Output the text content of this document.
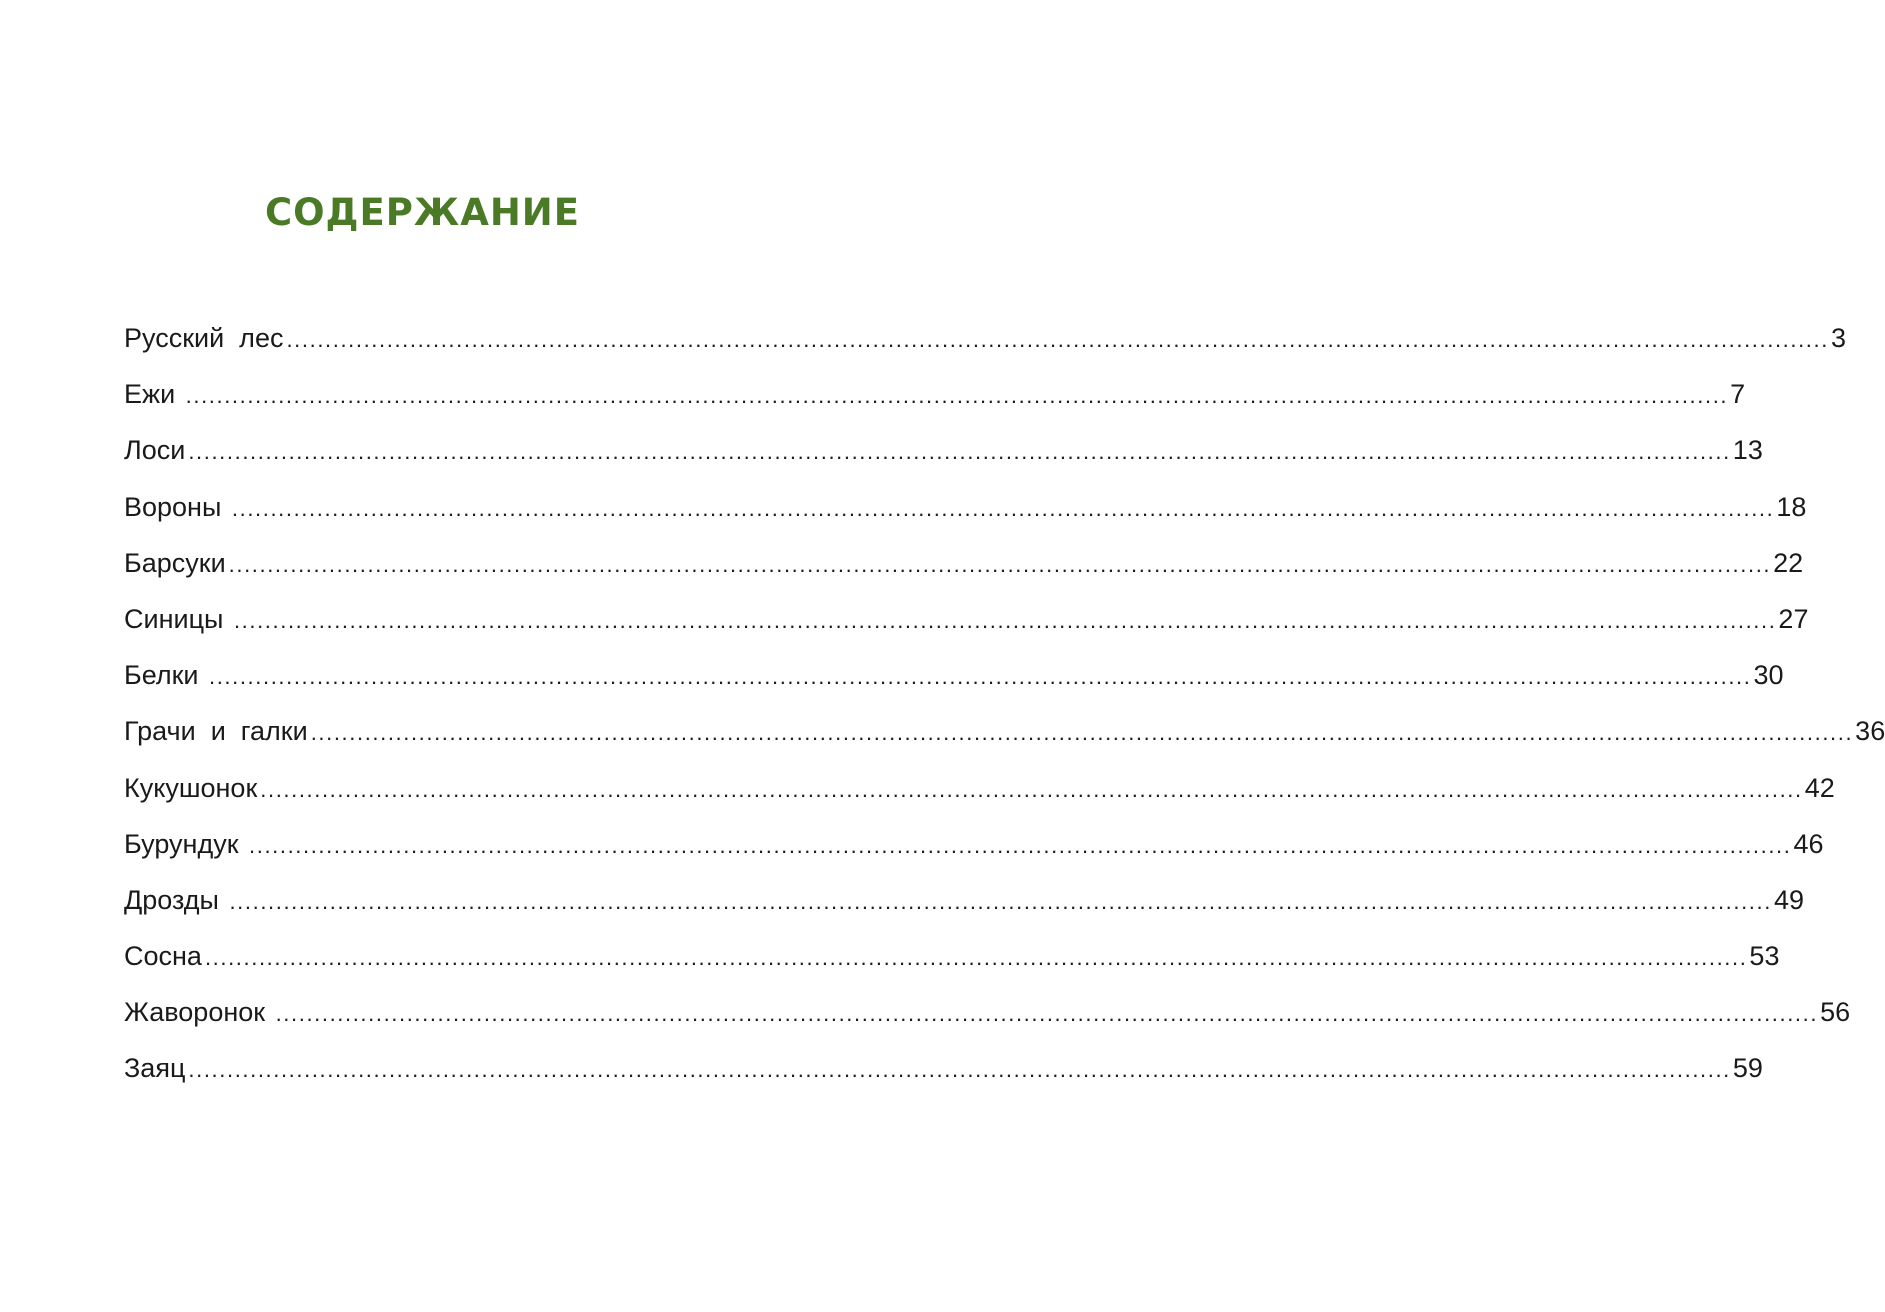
СОДЕРЖАНИЕ
Русский  лес ........................................................................................................................................................................................................ 3
Ежи ........................................................................................................................................................................................................ 7
Лоси ........................................................................................................................................................................................................ 13
Вороны ........................................................................................................................................................................................................ 18
Барсуки ........................................................................................................................................................................................................ 22
Синицы ........................................................................................................................................................................................................ 27
Белки ........................................................................................................................................................................................................ 30
Грачи  и  галки ........................................................................................................................................................................................................ 36
Кукушонок ........................................................................................................................................................................................................ 42
Бурундук ........................................................................................................................................................................................................ 46
Дрозды ........................................................................................................................................................................................................ 49
Сосна ........................................................................................................................................................................................................ 53
Жаворонок ........................................................................................................................................................................................................ 56
Заяц ........................................................................................................................................................................................................ 59
